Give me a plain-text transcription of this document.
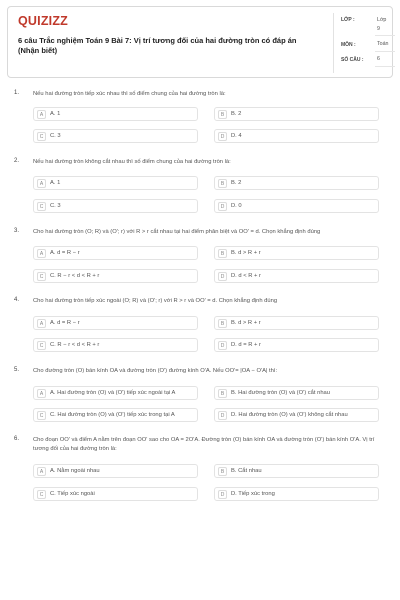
QUIZIZZ
6 câu Trắc nghiệm Toán 9 Bài 7: Vị trí tương đối của hai đường tròn có đáp án (Nhận biết)
LỚP :	Lớp 9
MÔN :	Toán
SỐ CÂU :	6
1. Nếu hai đường tròn tiếp xúc nhau thì số điểm chung của hai đường tròn là:
A	A. 1	B	B. 2
C	C. 3	D	D. 4
2. Nếu hai đường tròn không cắt nhau thì số điểm chung của hai đường tròn là:
A	A. 1	B	B. 2
C	C. 3	D	D. 0
3. Cho hai đường tròn (O; R) và (O'; r) với R > r cắt nhau tại hai điểm phân biệt và OO' = d. Chọn khẳng định đúng
A	A. d = R − r	B	B. d > R + r
C	C. R − r < d < R + r	D	D. d < R + r
4. Cho hai đường tròn tiếp xúc ngoài (O; R) và (O'; r) với R > r và OO' = d. Chọn khẳng định đúng
A	A. d = R − r	B	B. d > R + r
C	C. R − r < d < R + r	D	D. d = R + r
5. Cho đường tròn (O) bán kính OA và đường tròn (O') đường kính O'A. Nếu OO'= |OA − O'A| thì:
A	A. Hai đường tròn (O) và (O') tiếp xúc ngoài tại A	B	B. Hai đường tròn (O) và (O') cắt nhau
C	C. Hai đường tròn (O) và (O') tiếp xúc trong tại A	D	D. Hai đường tròn (O) và (O') không cắt nhau
6. Cho đoạn OO' và điểm A nằm trên đoạn OO' sao cho OA = 2O'A. Đường tròn (O) bán kính OA và đường tròn (O') bán kính O'A. Vị trí tương đối của hai đường tròn là:
A	A. Nằm ngoài nhau	B	B. Cắt nhau
C	C. Tiếp xúc ngoài	D	D. Tiếp xúc trong
